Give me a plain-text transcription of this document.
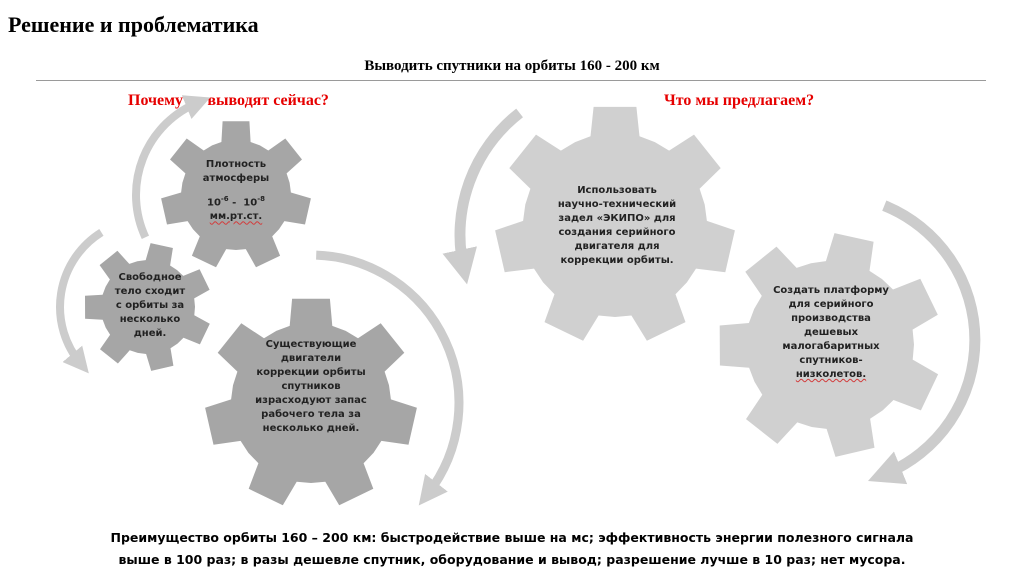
Решение и проблематика
Выводить спутники на орбиты 160 - 200 км
Почему не выводят сейчас?	Что мы предлагаем?
Плотность
атмосферы
$10^{-6} - 10^{-8}$
мм.рт.ст.
Свободное
тело сходит
с орбиты за
несколько
дней.
Существующие
двигатели
коррекции орбиты
спутников
израсходуют запас
рабочего тела за
несколько дней.
Использовать
научно-технический
задел «ЭКИПО» для
создания серийного
двигателя для
коррекции орбиты.
Создать платформу
для серийного
производства
дешевых
малогабаритных
спутников-
низколетов.
Преимущество орбиты 160 – 200 км: быстродействие выше на мс; эффективность энергии полезного сигнала
выше в 100 раз; в разы дешевле спутник, оборудование и вывод; разрешение лучше в 10 раз; нет мусора.
